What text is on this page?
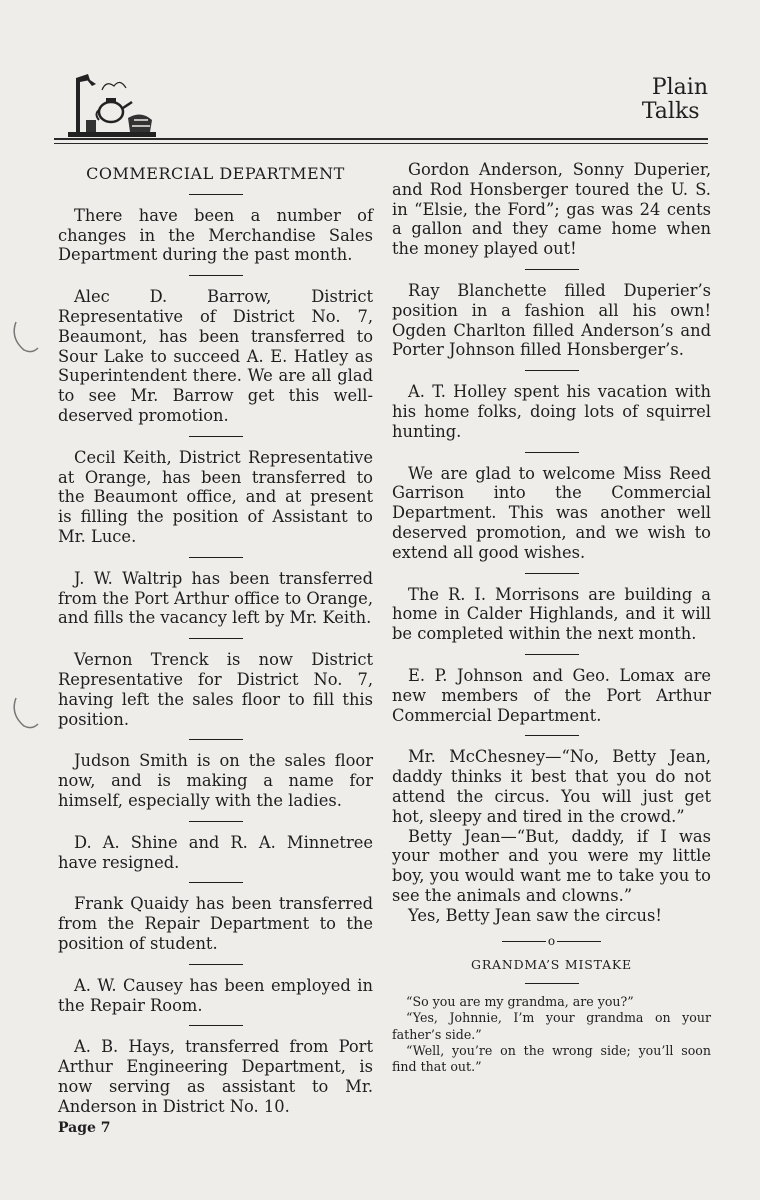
Plain
Talks
COMMERCIAL DEPARTMENT

There have been a number of changes in the Merchandise Sales Department during the past month.

Alec D. Barrow, District Representative of District No. 7, Beaumont, has been transferred to Sour Lake to succeed A. E. Hatley as Superintendent there. We are all glad to see Mr. Barrow get this well-deserved promotion.

Cecil Keith, District Representative at Orange, has been transferred to the Beaumont office, and at present is filling the position of Assistant to Mr. Luce.

J. W. Waltrip has been transferred from the Port Arthur office to Orange, and fills the vacancy left by Mr. Keith.

Vernon Trenck is now District Representative for District No. 7, having left the sales floor to fill this position.

Judson Smith is on the sales floor now, and is making a name for himself, especially with the ladies.

D. A. Shine and R. A. Minnetree have resigned.

Frank Quaidy has been transferred from the Repair Department to the position of student.

A. W. Causey has been employed in the Repair Room.

A. B. Hays, transferred from Port Arthur Engineering Department, is now serving as assistant to Mr. Anderson in District No. 10.

Gordon Anderson, Sonny Duperier, and Rod Honsberger toured the U. S. in “Elsie, the Ford”; gas was 24 cents a gallon and they came home when the money played out!

Ray Blanchette filled Duperier’s position in a fashion all his own! Ogden Charlton filled Anderson’s and Porter Johnson filled Honsberger’s.

A. T. Holley spent his vacation with his home folks, doing lots of squirrel hunting.

We are glad to welcome Miss Reed Garrison into the Commercial Department. This was another well deserved promotion, and we wish to extend all good wishes.

The R. I. Morrisons are building a home in Calder Highlands, and it will be completed within the next month.

E. P. Johnson and Geo. Lomax are new members of the Port Arthur Commercial Department.

Mr. McChesney—“No, Betty Jean, daddy thinks it best that you do not attend the circus. You will just get hot, sleepy and tired in the crowd.”

Betty Jean—“But, daddy, if I was your mother and you were my little boy, you would want me to take you to see the animals and clowns.”

Yes, Betty Jean saw the circus!

o
GRANDMA’S MISTAKE

“So you are my grandma, are you?”

“Yes, Johnnie, I’m your grandma on your father’s side.”

“Well, you’re on the wrong side; you’ll soon find that out.”

Page 7
